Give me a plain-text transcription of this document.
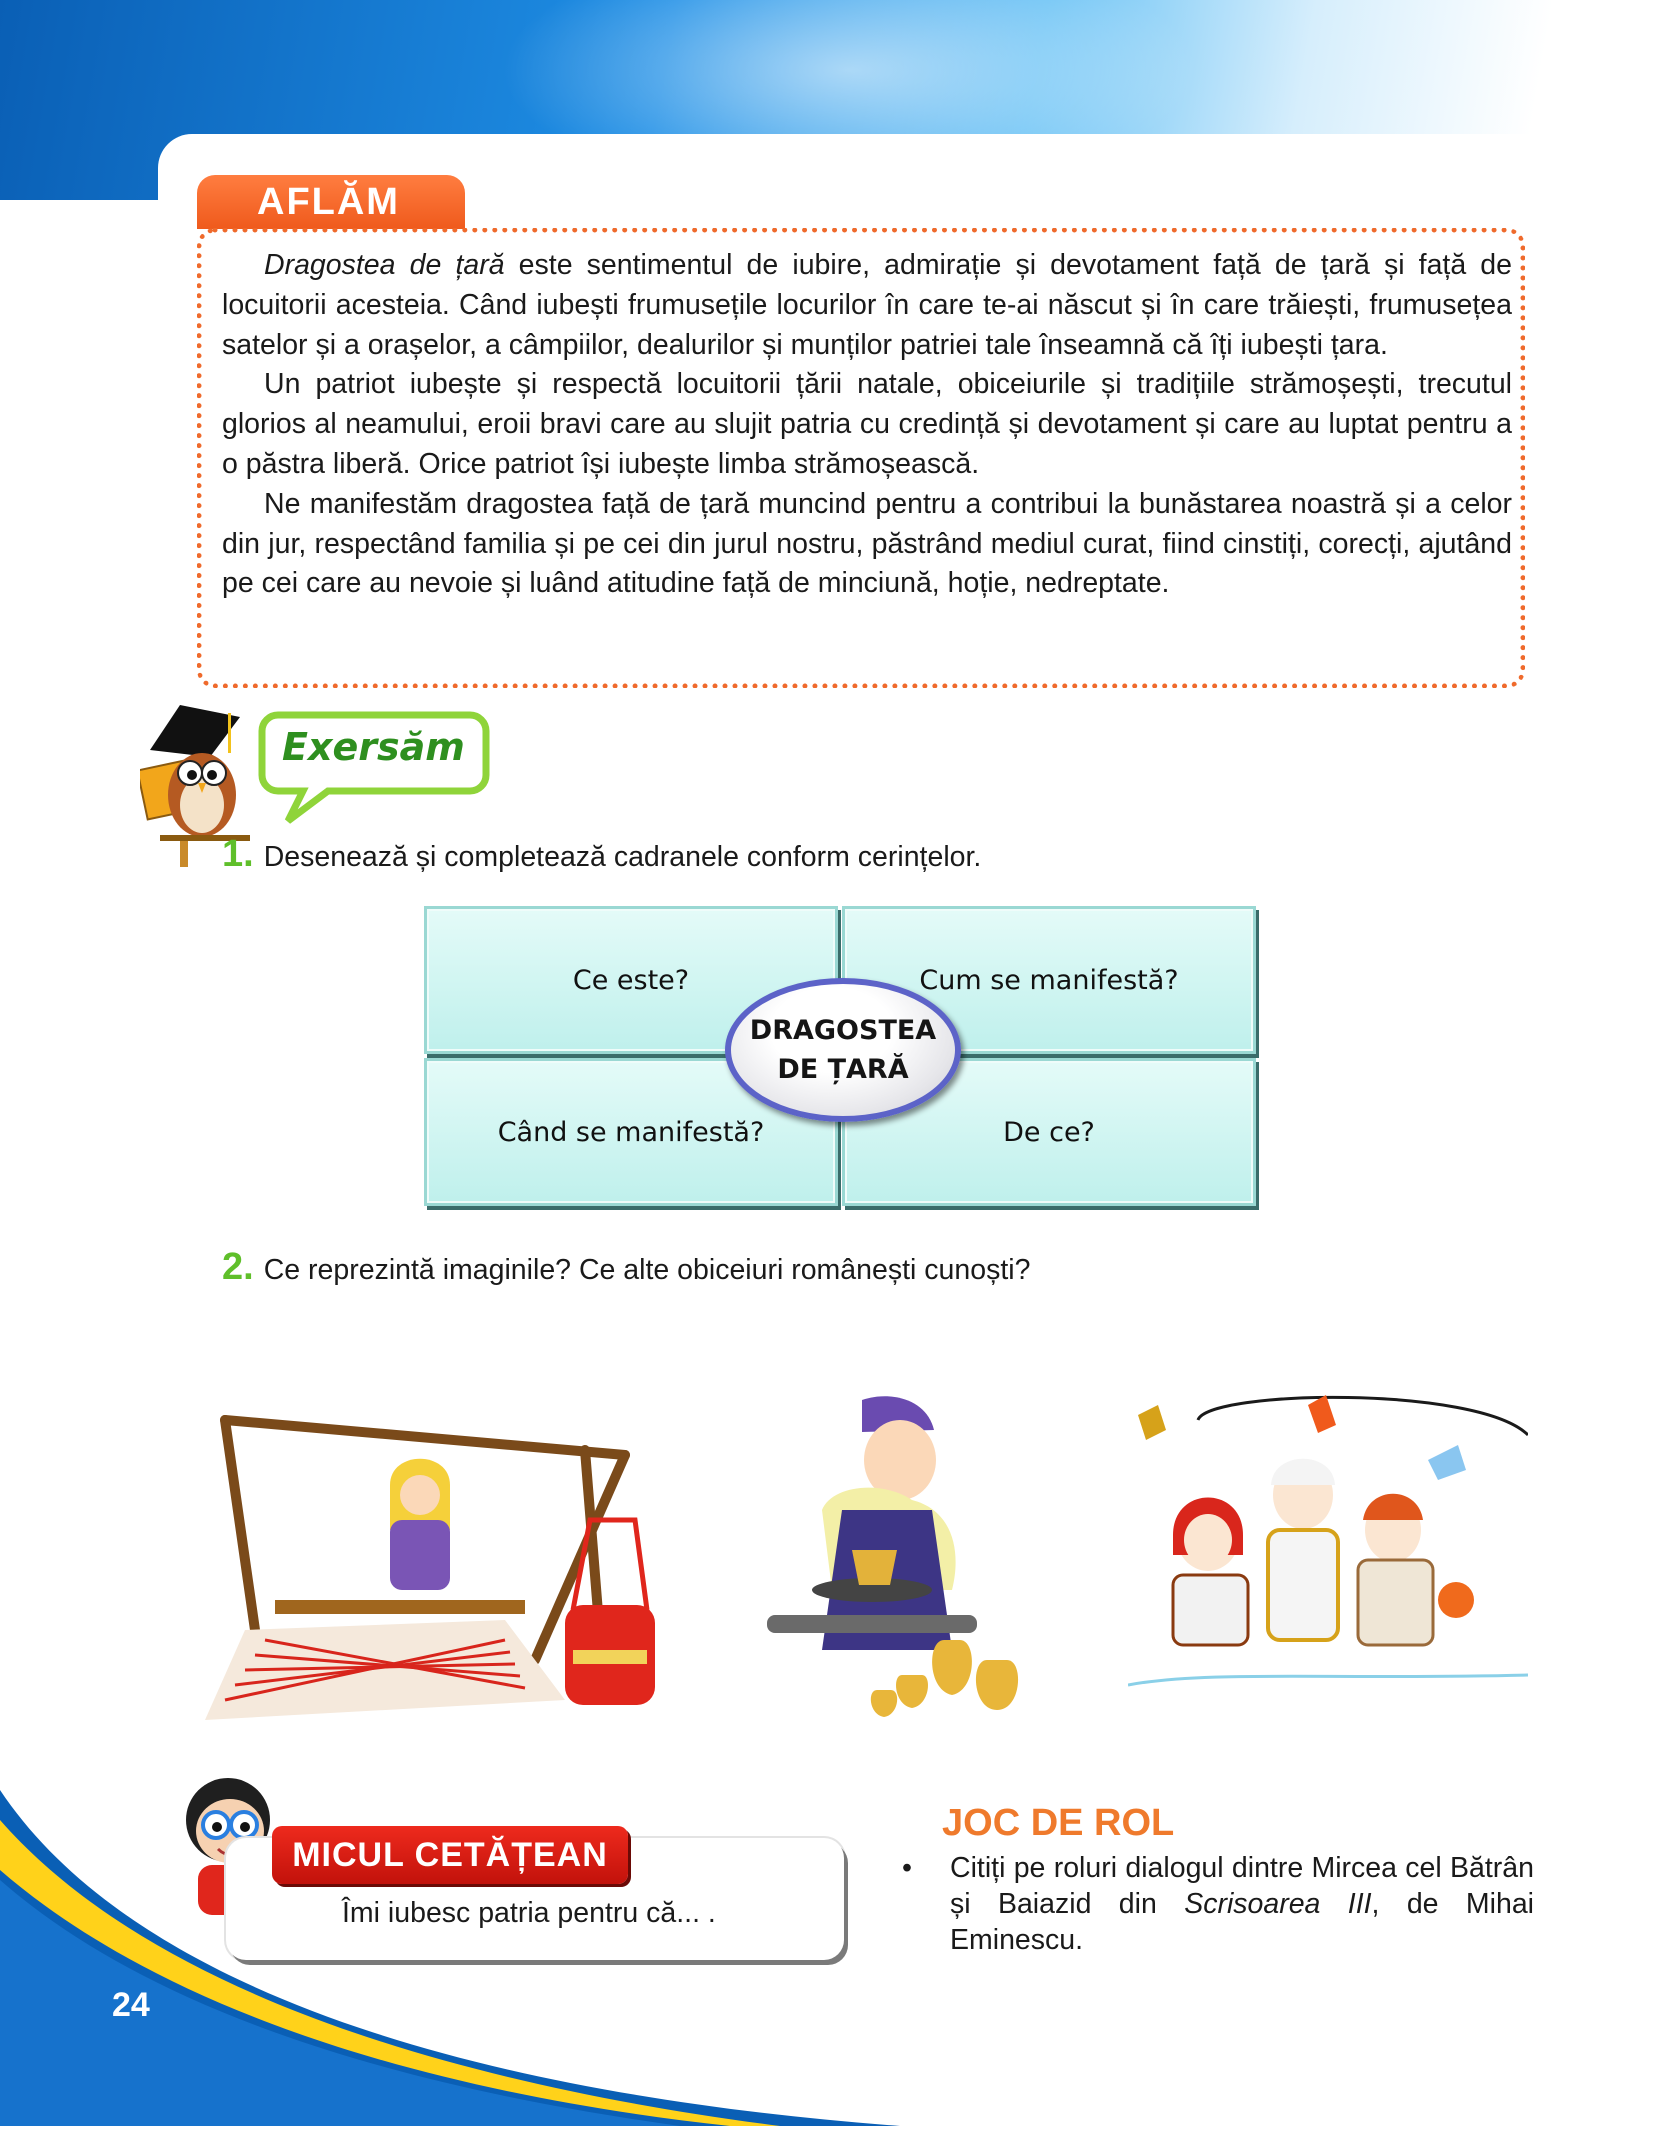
AFLĂM

Dragostea de țară este sentimentul de iubire, admirație și devotament față de țară și față de locuitorii acesteia. Când iubești frumusețile locurilor în care te-ai născut și în care trăiești, frumusețea satelor și a orașelor, a câmpiilor, dealurilor și munților patriei tale înseamnă că îți iubești țara.

Un patriot iubește și respectă locuitorii țării natale, obiceiurile și tradițiile strămoșești, trecutul glorios al neamului, eroii bravi care au slujit patria cu credință și devotament și care au luptat pentru a o păstra liberă. Orice patriot își iubește limba strămoșească.

Ne manifestăm dragostea față de țară muncind pentru a contribui la bunăstarea noastră și a celor din jur, respectând familia și pe cei din jurul nostru, păstrând mediul curat, fiind cinstiți, corecți, ajutând pe cei care au nevoie și luând atitudine față de minciună, hoție, nedreptate.

Exersăm
1. Desenează și completează cadranele conform cerințelor.
Ce este?	Cum se manifestă?
Când se manifestă?	De ce?
DRAGOSTEA
DE ȚARĂ
2. Ce reprezintă imaginile? Ce alte obiceiuri românești cunoști?
MICUL CETĂȚEAN
Îmi iubesc patria pentru că... .
JOC DE ROL
• Citiți pe roluri dialogul dintre Mircea cel Bătrân și Baiazid din Scrisoarea III, de Mihai Eminescu.
24
